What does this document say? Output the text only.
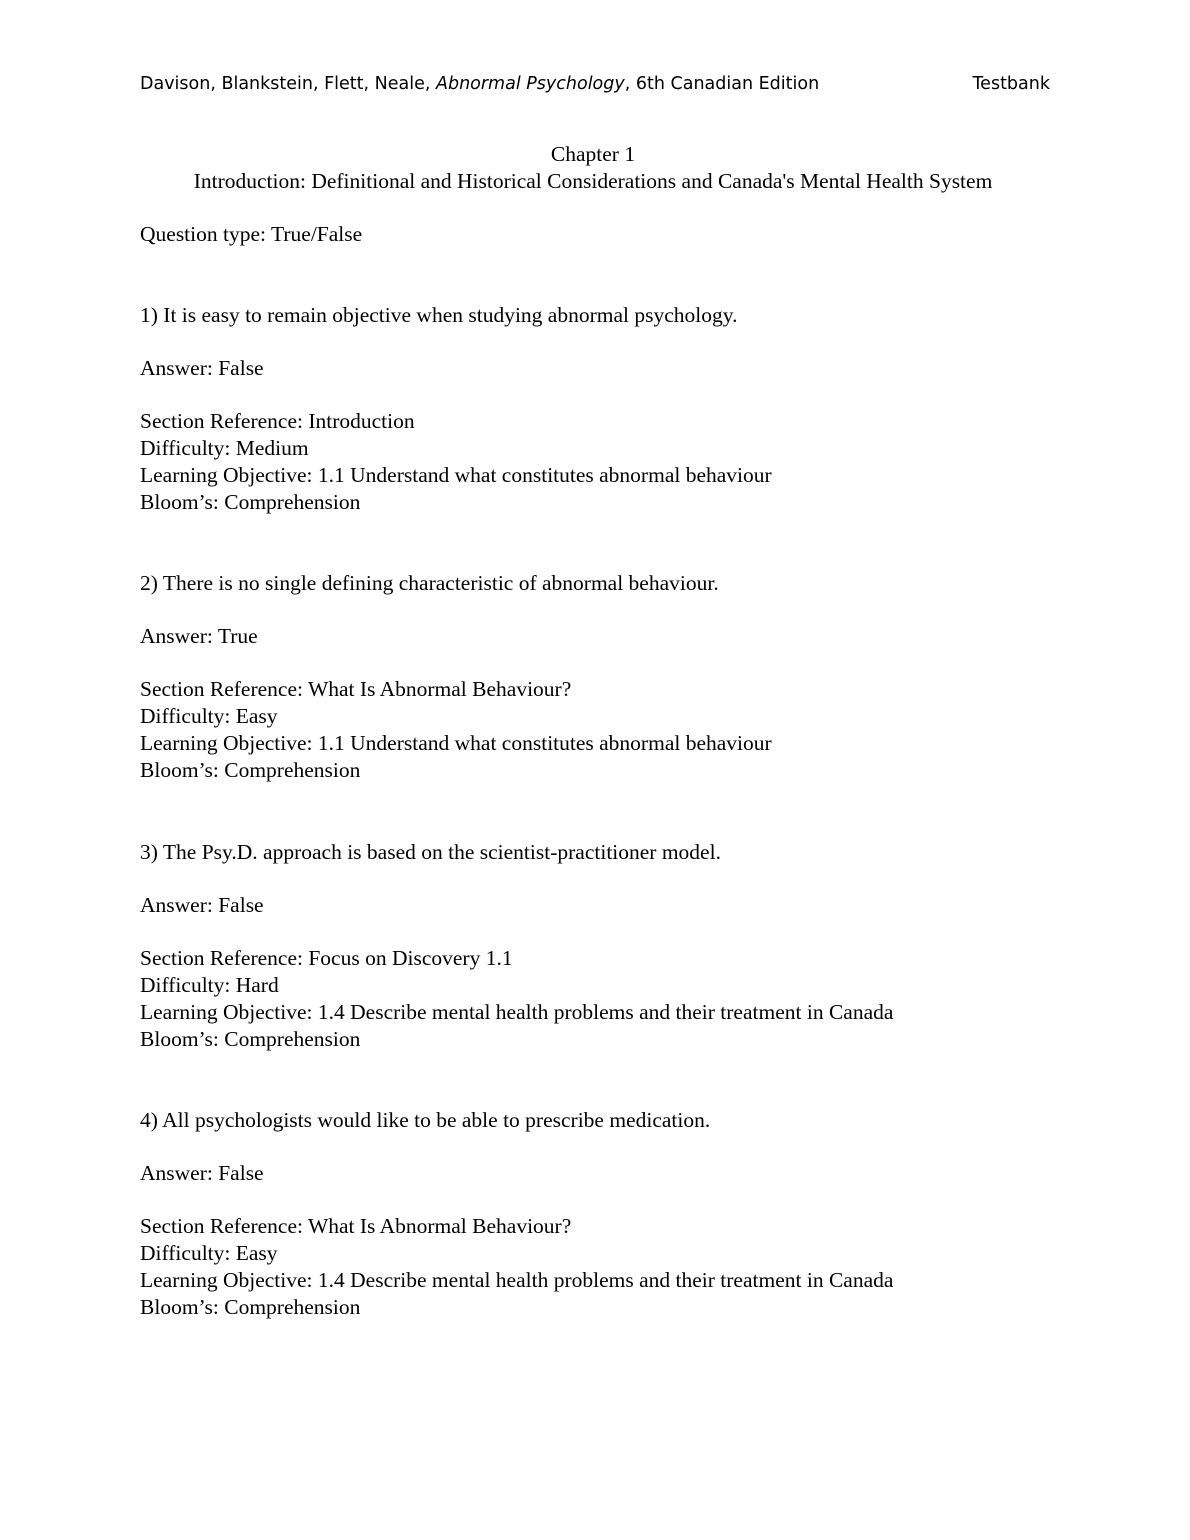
Davison, Blankstein, Flett, Neale, Abnormal Psychology, 6th Canadian Edition	Testbank
Chapter 1
Introduction: Definitional and Historical Considerations and Canada's Mental Health System
Question type: True/False
1) It is easy to remain objective when studying abnormal psychology.
Answer: False
Section Reference: Introduction
Difficulty: Medium
Learning Objective: 1.1 Understand what constitutes abnormal behaviour
Bloom’s: Comprehension
2) There is no single defining characteristic of abnormal behaviour.
Answer: True
Section Reference: What Is Abnormal Behaviour?
Difficulty: Easy
Learning Objective: 1.1 Understand what constitutes abnormal behaviour
Bloom’s: Comprehension
3) The Psy.D. approach is based on the scientist-practitioner model.
Answer: False
Section Reference: Focus on Discovery 1.1
Difficulty: Hard
Learning Objective: 1.4 Describe mental health problems and their treatment in Canada
Bloom’s: Comprehension
4) All psychologists would like to be able to prescribe medication.
Answer: False
Section Reference: What Is Abnormal Behaviour?
Difficulty: Easy
Learning Objective: 1.4 Describe mental health problems and their treatment in Canada
Bloom’s: Comprehension
